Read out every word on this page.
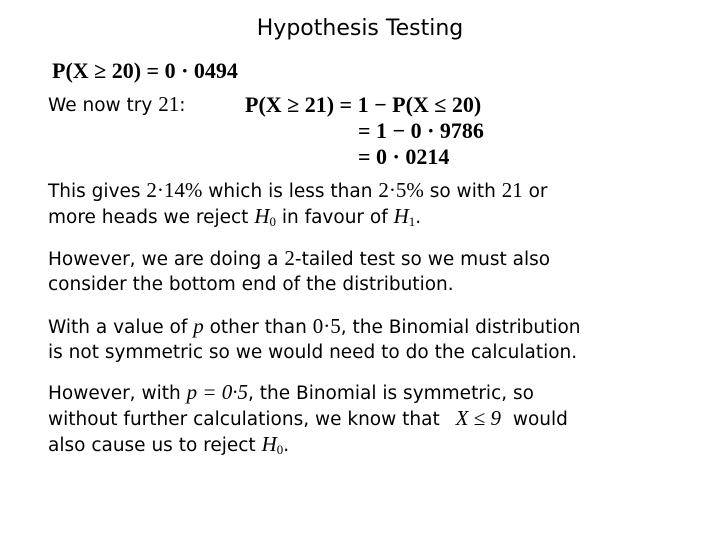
Hypothesis Testing
P(X ≥ 20) = 0 · 0494
We now try 21:	P(X ≥ 21) = 1 − P(X ≤ 20)
= 1 − 0 · 9786
= 0 · 0214
This gives 2·14% which is less than 2·5% so with 21 or
more heads we reject $H_0$ in favour of $H_1$.
However, we are doing a 2-tailed test so we must also
consider the bottom end of the distribution.
With a value of p other than 0·5, the Binomial distribution
is not symmetric so we would need to do the calculation.
However, with p = 0·5, the Binomial is symmetric, so
without further calculations, we know that X ≤ 9 would
also cause us to reject $H_0$.
